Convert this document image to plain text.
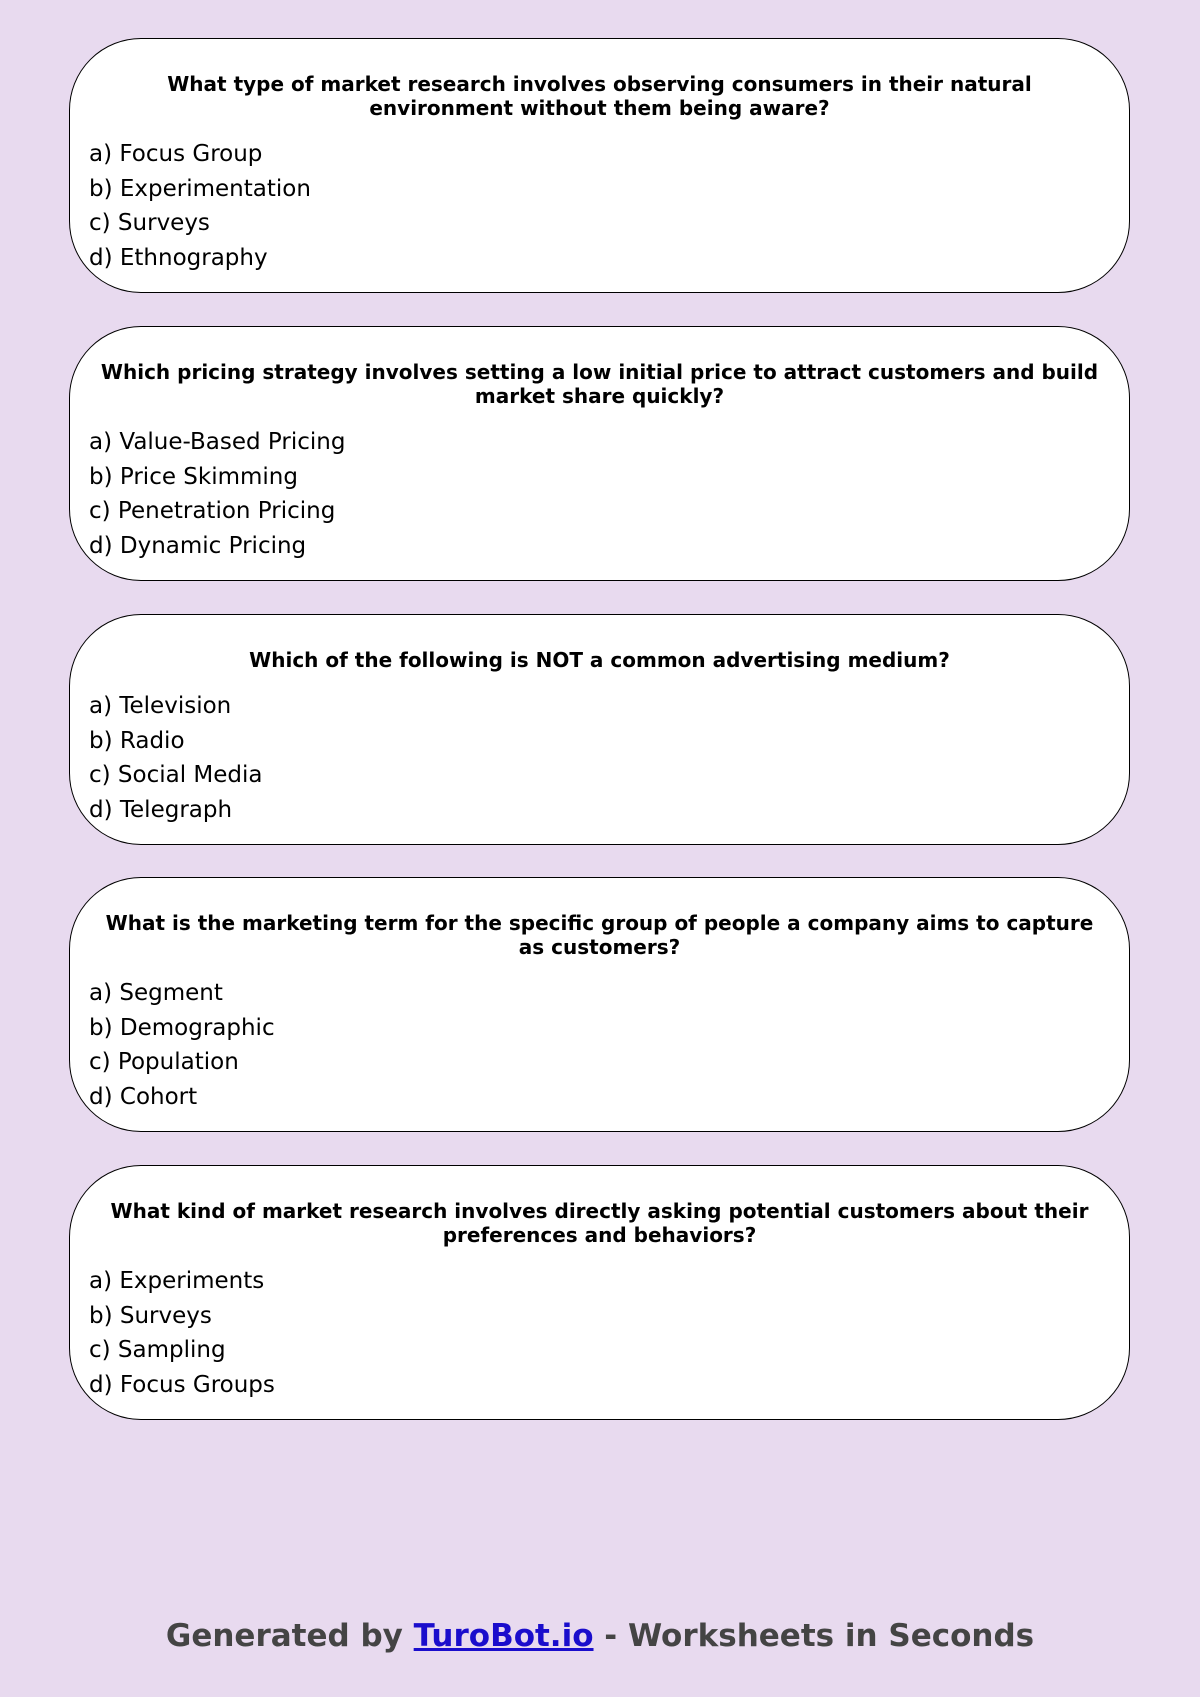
What type of market research involves observing consumers in their natural environment without them being aware?
a) Focus Group
b) Experimentation
c) Surveys
d) Ethnography
Which pricing strategy involves setting a low initial price to attract customers and build market share quickly?
a) Value-Based Pricing
b) Price Skimming
c) Penetration Pricing
d) Dynamic Pricing
Which of the following is NOT a common advertising medium?
a) Television
b) Radio
c) Social Media
d) Telegraph
What is the marketing term for the specific group of people a company aims to capture as customers?
a) Segment
b) Demographic
c) Population
d) Cohort
What kind of market research involves directly asking potential customers about their preferences and behaviors?
a) Experiments
b) Surveys
c) Sampling
d) Focus Groups
Generated by TuroBot.io - Worksheets in Seconds
